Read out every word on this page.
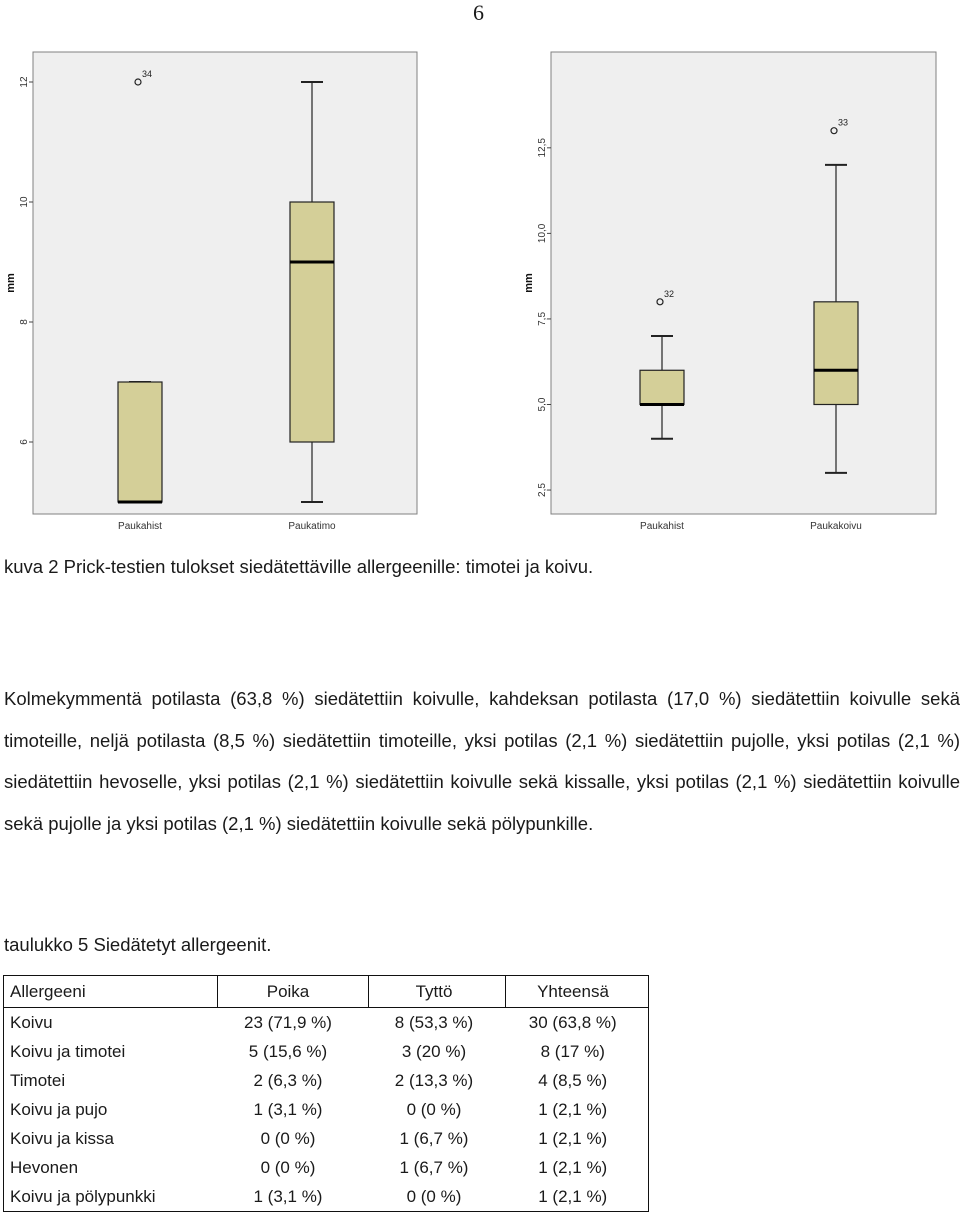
6
mm
6
8
10
12
34
Paukahist	Paukatimo
mm
2,5
5,0
7,5
10,0
12,5
32
Paukahist
33
Paukakoivu
kuva 2 Prick-testien tulokset siedätettäville allergeenille: timotei ja koivu.
Kolmekymmentä potilasta (63,8 %) siedätettiin koivulle, kahdeksan potilasta (17,0 %) siedätettiin koivulle sekä timoteille, neljä potilasta (8,5 %) siedätettiin timoteille, yksi potilas (2,1 %) siedätettiin pujolle, yksi potilas (2,1 %) siedätettiin hevoselle, yksi potilas (2,1 %) siedätettiin koivulle sekä kissalle, yksi potilas (2,1 %) siedätettiin koivulle sekä pujolle ja yksi potilas (2,1 %) siedätettiin koivulle sekä pölypunkille.
taulukko 5 Siedätetyt allergeenit.
Allergeeni	Poika	Tyttö	Yhteensä
Koivu	23 (71,9 %)	8 (53,3 %)	30 (63,8 %)
Koivu ja timotei	5 (15,6 %)	3 (20 %)	8 (17 %)
Timotei	2 (6,3 %)	2 (13,3 %)	4 (8,5 %)
Koivu ja pujo	1 (3,1 %)	0 (0 %)	1 (2,1 %)
Koivu ja kissa	0 (0 %)	1 (6,7 %)	1 (2,1 %)
Hevonen	0 (0 %)	1 (6,7 %)	1 (2,1 %)
Koivu ja pölypunkki	1 (3,1 %)	0 (0 %)	1 (2,1 %)
